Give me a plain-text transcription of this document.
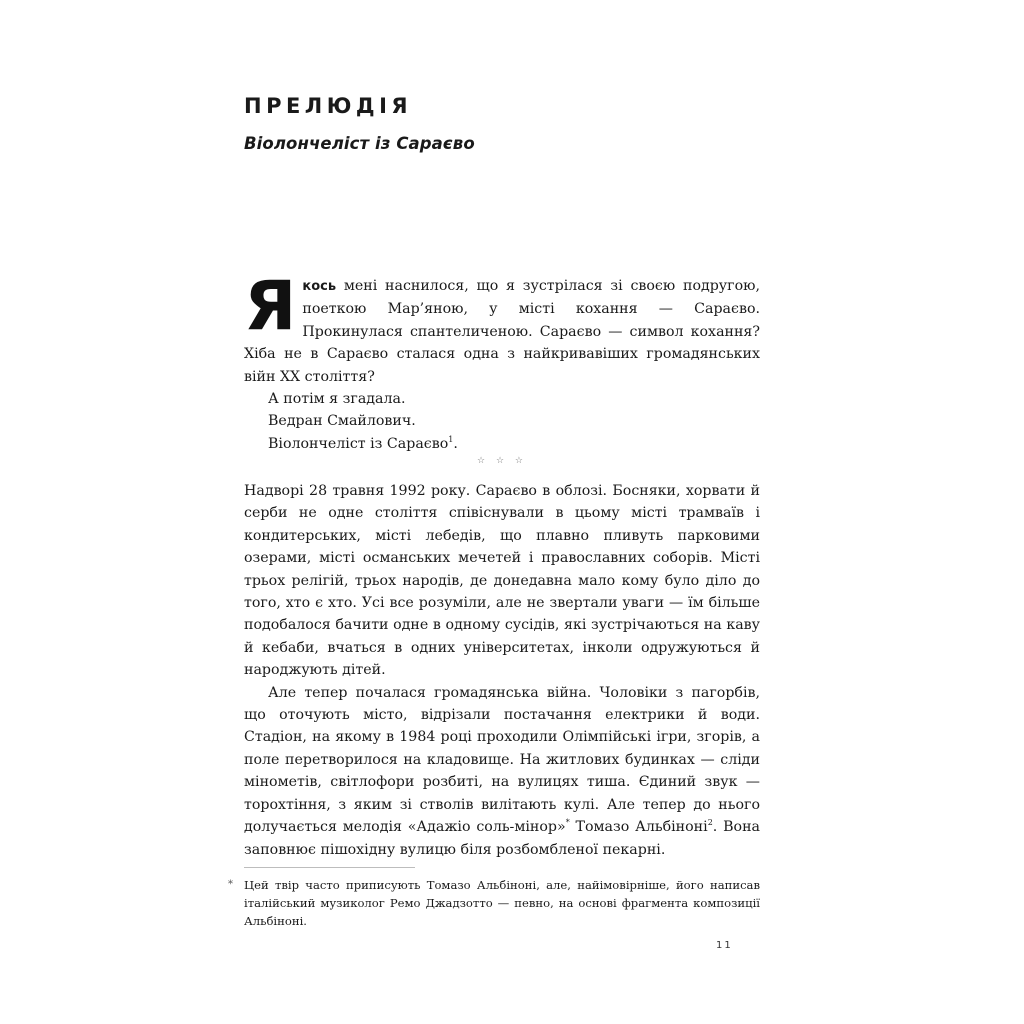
ПРЕЛЮДІЯ
Віолончеліст із Сараєво

Якось мені наснилося, що я зустрілася зі своєю подругою, поеткою Мар’яною, у місті кохання — Сараєво. Прокинулася спантеличеною. Сараєво — символ кохання? Хіба не в Сараєво сталася одна з найкривавіших громадянських війн XX століття?

А потім я згадала.

Ведран Смайлович.

Віолончеліст із Сараєво$^1$.

☆ ☆ ☆

Надворі 28 травня 1992 року. Сараєво в облозі. Босняки, хорвати й серби не одне століття співіснували в цьому місті трамваїв і кондитерських, місті лебедів, що плавно пливуть парковими озерами, місті османських мечетей і православних соборів. Місті трьох релігій, трьох народів, де донедавна мало кому було діло до того, хто є хто. Усі все розуміли, але не звертали уваги — їм більше подобалося бачити одне в одному сусідів, які зустрічаються на каву й кебаби, вчаться в одних університетах, інколи одружуються й народжують дітей.

Але тепер почалася громадянська війна. Чоловіки з пагорбів, що оточують місто, відрізали постачання електрики й води. Стадіон, на якому в 1984 році проходили Олімпійські ігри, згорів, а поле перетворилося на кладовище. На житлових будинках — сліди мінометів, світлофори розбиті, на вулицях тиша. Єдиний звук — торохтіння, з яким зі стволів вилітають кулі. Але тепер до нього долучається мелодія «Адажіо соль-мінор»* Томазо Альбіноні$^2$. Вона заповнює пішохідну вулицю біля розбомбленої пекарні.

* Цей твір часто приписують Томазо Альбіноні, але, найімовірніше, його написав італійський музиколог Ремо Джадзотто — певно, на основі фрагмента композиції Альбіноні.
11
